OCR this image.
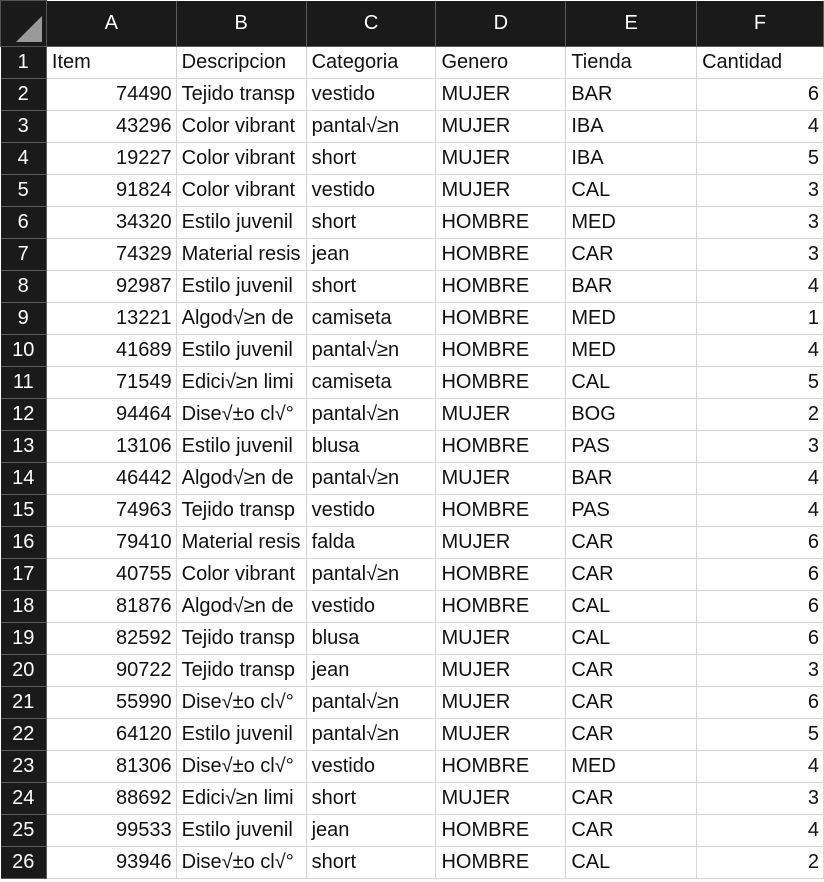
	A	B	C	D	E	F
1	Item	Descripcion	Categoria	Genero	Tienda	Cantidad
2	74490	Tejido transp	vestido	MUJER	BAR	6
3	43296	Color vibrant	pantal√≥n	MUJER	IBA	4
4	19227	Color vibrant	short	MUJER	IBA	5
5	91824	Color vibrant	vestido	MUJER	CAL	3
6	34320	Estilo juvenil	short	HOMBRE	MED	3
7	74329	Material resis	jean	HOMBRE	CAR	3
8	92987	Estilo juvenil	short	HOMBRE	BAR	4
9	13221	Algod√≥n de	camiseta	HOMBRE	MED	1
10	41689	Estilo juvenil	pantal√≥n	HOMBRE	MED	4
11	71549	Edici√≥n limi	camiseta	HOMBRE	CAL	5
12	94464	Dise√±o cl√°	pantal√≥n	MUJER	BOG	2
13	13106	Estilo juvenil	blusa	HOMBRE	PAS	3
14	46442	Algod√≥n de	pantal√≥n	MUJER	BAR	4
15	74963	Tejido transp	vestido	HOMBRE	PAS	4
16	79410	Material resis	falda	MUJER	CAR	6
17	40755	Color vibrant	pantal√≥n	HOMBRE	CAR	6
18	81876	Algod√≥n de	vestido	HOMBRE	CAL	6
19	82592	Tejido transp	blusa	MUJER	CAL	6
20	90722	Tejido transp	jean	MUJER	CAR	3
21	55990	Dise√±o cl√°	pantal√≥n	MUJER	CAR	6
22	64120	Estilo juvenil	pantal√≥n	MUJER	CAR	5
23	81306	Dise√±o cl√°	vestido	HOMBRE	MED	4
24	88692	Edici√≥n limi	short	MUJER	CAR	3
25	99533	Estilo juvenil	jean	HOMBRE	CAR	4
26	93946	Dise√±o cl√°	short	HOMBRE	CAL	2
